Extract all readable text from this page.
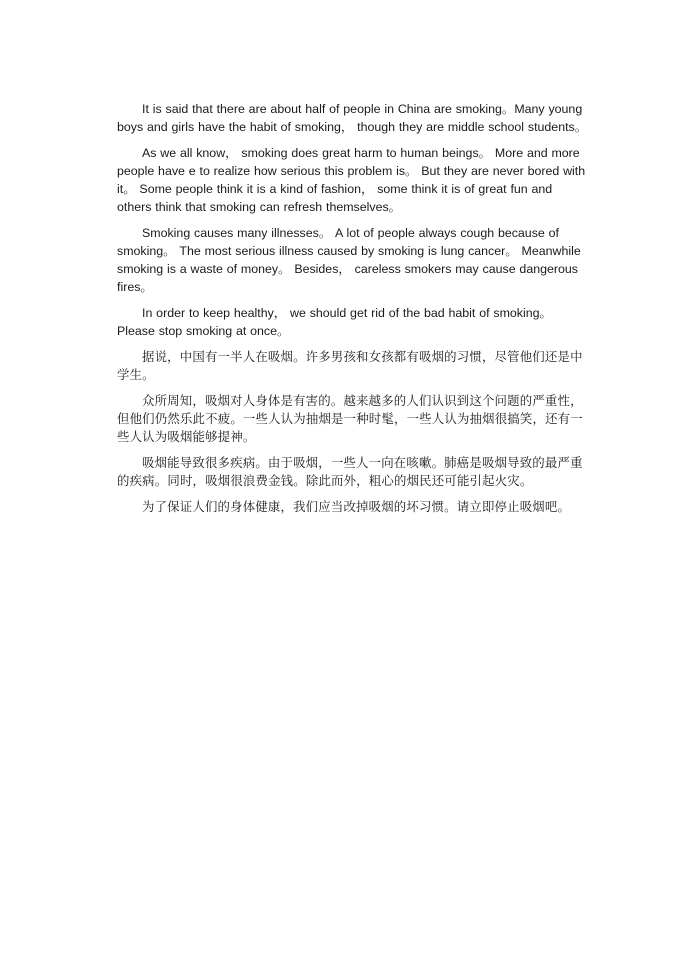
It is said that there are about half of people in China are smoking。Many young boys and girls have the habit of smoking， though they are middle school students。

As we all know， smoking does great harm to human beings。 More and more people have e to realize how serious this problem is。 But they are never bored with it。 Some people think it is a kind of fashion， some think it is of great fun and others think that smoking can refresh themselves。

Smoking causes many illnesses。 A lot of people always cough because of smoking。 The most serious illness caused by smoking is lung cancer。 Meanwhile smoking is a waste of money。 Besides， careless smokers may cause dangerous fires。

In order to keep healthy， we should get rid of the bad habit of smoking。 Please stop smoking at once。

据说，中国有一半人在吸烟。许多男孩和女孩都有吸烟的习惯，尽管他们还是中学生。

众所周知，吸烟对人身体是有害的。越来越多的人们认识到这个问题的严重性，但他们仍然乐此不疲。一些人认为抽烟是一种时髦，一些人认为抽烟很搞笑，还有一些人认为吸烟能够提神。

吸烟能导致很多疾病。由于吸烟，一些人一向在咳嗽。肺癌是吸烟导致的最严重的疾病。同时，吸烟很浪费金钱。除此而外，粗心的烟民还可能引起火灾。

为了保证人们的身体健康，我们应当改掉吸烟的坏习惯。请立即停止吸烟吧。
